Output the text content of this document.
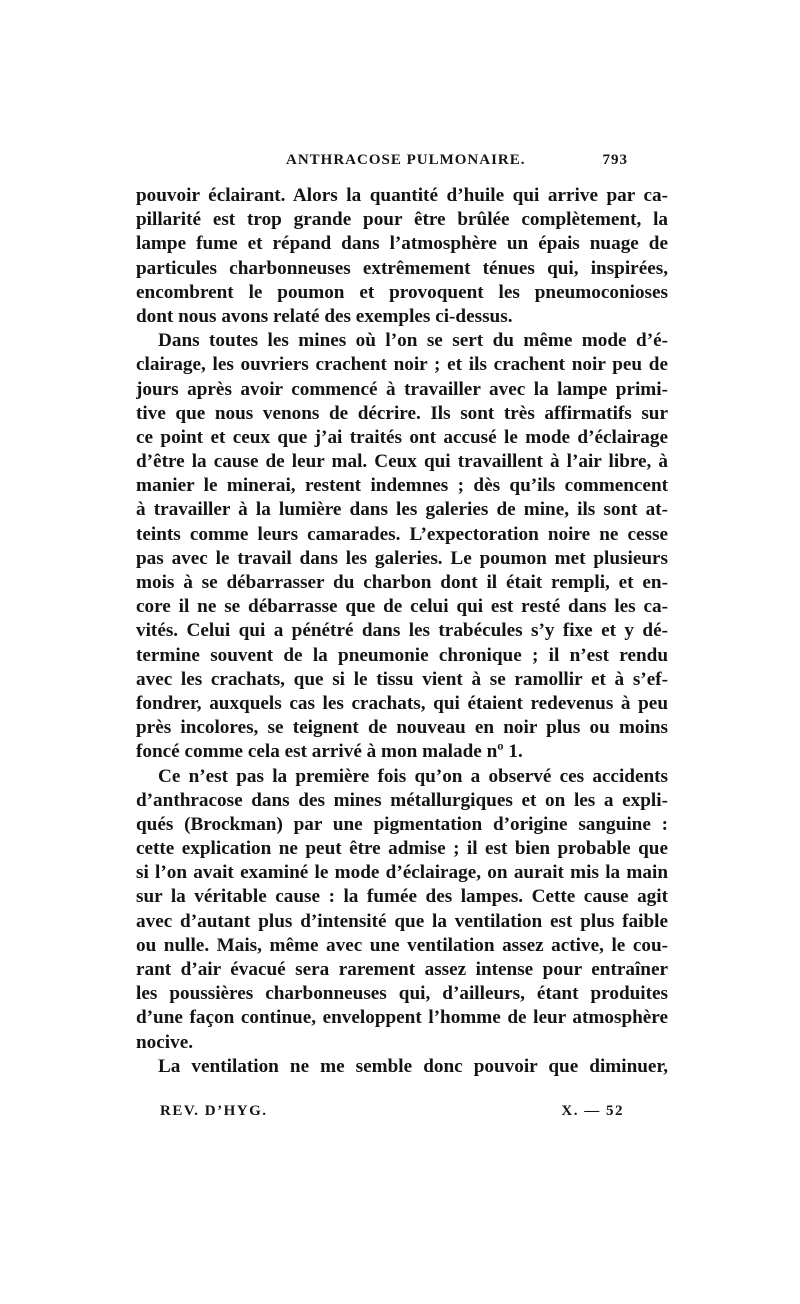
ANTHRACOSE PULMONAIRE.	793
pouvoir éclairant. Alors la quantité d’huile qui arrive par ca-
pillarité est trop grande pour être brûlée complètement, la
lampe fume et répand dans l’atmosphère un épais nuage de
particules charbonneuses extrêmement ténues qui, inspirées,
encombrent le poumon et provoquent les pneumoconioses
dont nous avons relaté des exemples ci-dessus.
Dans toutes les mines où l’on se sert du même mode d’é-
clairage, les ouvriers crachent noir ; et ils crachent noir peu de
jours après avoir commencé à travailler avec la lampe primi-
tive que nous venons de décrire. Ils sont très affirmatifs sur
ce point et ceux que j’ai traités ont accusé le mode d’éclairage
d’être la cause de leur mal. Ceux qui travaillent à l’air libre, à
manier le minerai, restent indemnes ; dès qu’ils commencent
à travailler à la lumière dans les galeries de mine, ils sont at-
teints comme leurs camarades. L’expectoration noire ne cesse
pas avec le travail dans les galeries. Le poumon met plusieurs
mois à se débarrasser du charbon dont il était rempli, et en-
core il ne se débarrasse que de celui qui est resté dans les ca-
vités. Celui qui a pénétré dans les trabécules s’y fixe et y dé-
termine souvent de la pneumonie chronique ; il n’est rendu
avec les crachats, que si le tissu vient à se ramollir et à s’ef-
fondrer, auxquels cas les crachats, qui étaient redevenus à peu
près incolores, se teignent de nouveau en noir plus ou moins
foncé comme cela est arrivé à mon malade nº 1.
Ce n’est pas la première fois qu’on a observé ces accidents
d’anthracose dans des mines métallurgiques et on les a expli-
qués (Brockman) par une pigmentation d’origine sanguine :
cette explication ne peut être admise ; il est bien probable que
si l’on avait examiné le mode d’éclairage, on aurait mis la main
sur la véritable cause : la fumée des lampes. Cette cause agit
avec d’autant plus d’intensité que la ventilation est plus faible
ou nulle. Mais, même avec une ventilation assez active, le cou-
rant d’air évacué sera rarement assez intense pour entraîner
les poussières charbonneuses qui, d’ailleurs, étant produites
d’une façon continue, enveloppent l’homme de leur atmosphère
nocive.
La ventilation ne me semble donc pouvoir que diminuer,
REV. D’HYG.	X. — 52
